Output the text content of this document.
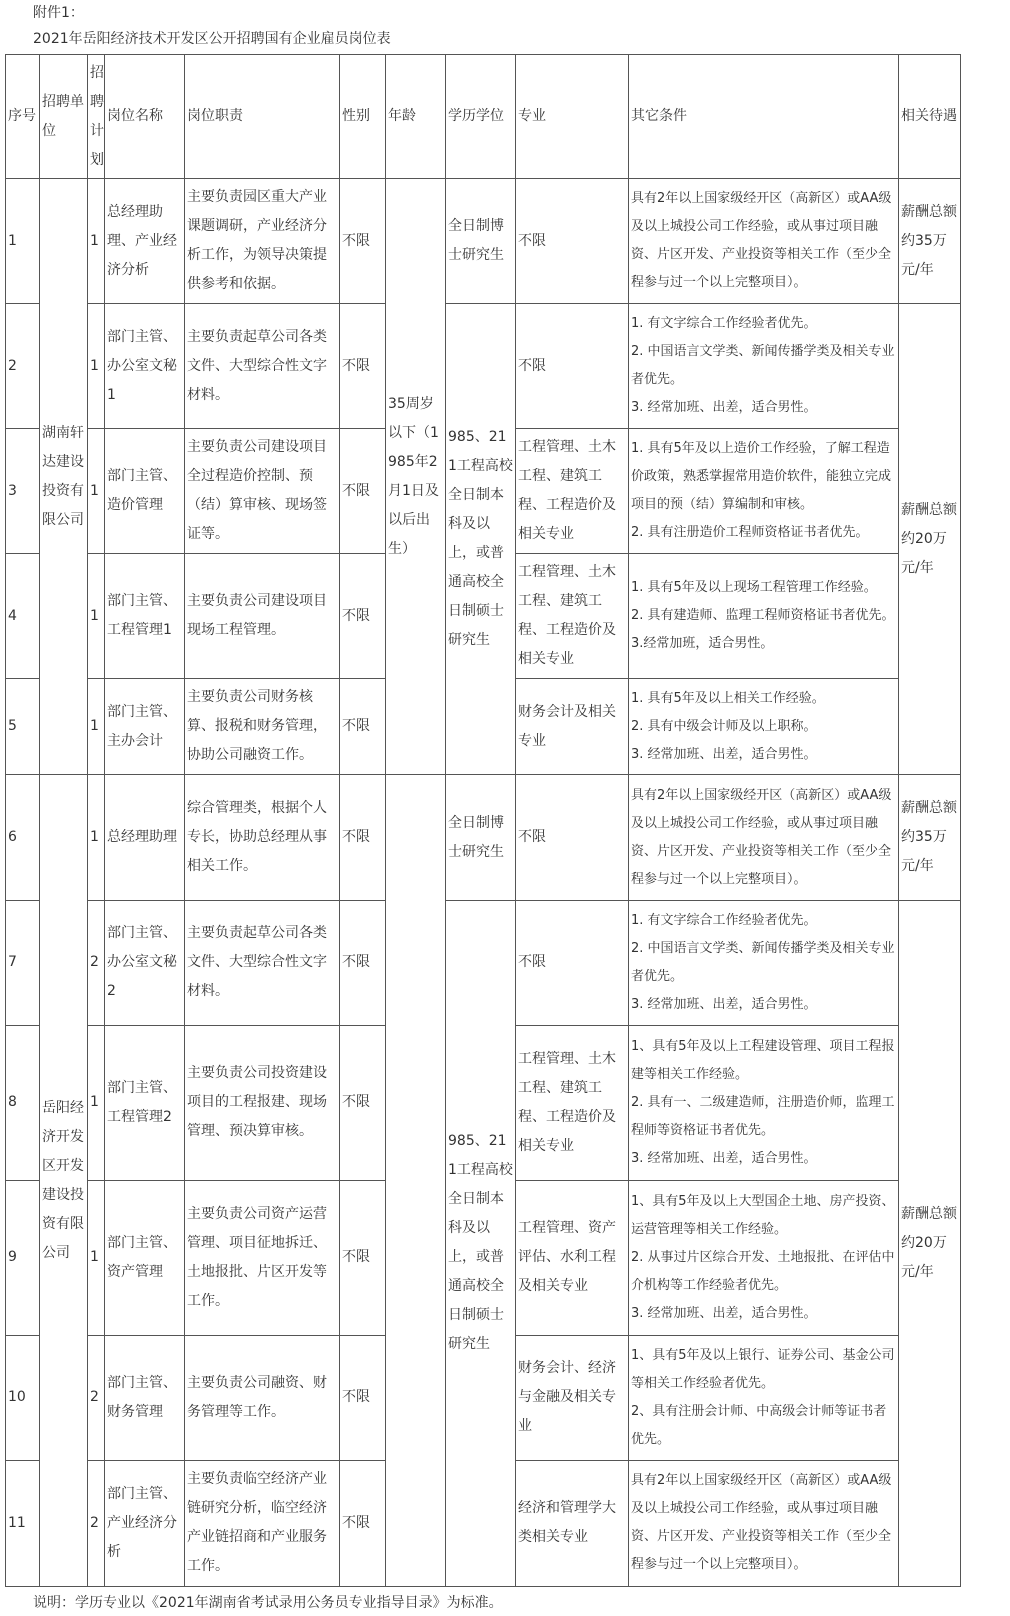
附件1：
2021年岳阳经济技术开发区公开招聘国有企业雇员岗位表
序号	招聘单位	招聘计划	岗位名称	岗位职责	性别	年龄	学历学位	专业	其它条件	相关待遇
1	湖南轩达建设投资有限公司	1	总经理助理、产业经济分析	主要负责园区重大产业课题调研，产业经济分析工作，为领导决策提供参考和依据。	不限	35周岁以下（1985年2月1日及以后出生）	全日制博士研究生	不限	具有2年以上国家级经开区（高新区）或AA级及以上城投公司工作经验，或从事过项目融资、片区开发、产业投资等相关工作（至少全程参与过一个以上完整项目）。	薪酬总额约35万元/年
2		1	部门主管、办公室文秘1	主要负责起草公司各类文件、大型综合性文字材料。	不限		985、211工程高校全日制本科及以上，或普通高校全日制硕士研究生	不限	1. 有文字综合工作经验者优先。
2. 中国语言文学类、新闻传播学类及相关专业者优先。
3. 经常加班、出差，适合男性。	薪酬总额约20万元/年
3		1	部门主管、造价管理	主要负责公司建设项目全过程造价控制、预（结）算审核、现场签证等。	不限			工程管理、土木工程、建筑工程、工程造价及相关专业	1. 具有5年及以上造价工作经验，了解工程造价政策，熟悉掌握常用造价软件，能独立完成项目的预（结）算编制和审核。
2. 具有注册造价工程师资格证书者优先。	
4		1	部门主管、工程管理1	主要负责公司建设项目现场工程管理。	不限			工程管理、土木工程、建筑工程、工程造价及相关专业	1. 具有5年及以上现场工程管理工作经验。
2. 具有建造师、监理工程师资格证书者优先。
3.经常加班，适合男性。	
5		1	部门主管、主办会计	主要负责公司财务核算、报税和财务管理，协助公司融资工作。	不限			财务会计及相关专业	1. 具有5年及以上相关工作经验。
2. 具有中级会计师及以上职称。
3. 经常加班、出差，适合男性。	
6	岳阳经济开发区开发建设投资有限公司	1	总经理助理	综合管理类，根据个人专长，协助总经理从事相关工作。	不限		全日制博士研究生	不限	具有2年以上国家级经开区（高新区）或AA级及以上城投公司工作经验，或从事过项目融资、片区开发、产业投资等相关工作（至少全程参与过一个以上完整项目）。	薪酬总额约35万元/年
7		2	部门主管、办公室文秘2	主要负责起草公司各类文件、大型综合性文字材料。	不限		985、211工程高校全日制本科及以上，或普通高校全日制硕士研究生	不限	1. 有文字综合工作经验者优先。
2. 中国语言文学类、新闻传播学类及相关专业者优先。
3. 经常加班、出差，适合男性。	薪酬总额约20万元/年
8		1	部门主管、工程管理2	主要负责公司投资建设项目的工程报建、现场管理、预决算审核。	不限			工程管理、土木工程、建筑工程、工程造价及相关专业	1、具有5年及以上工程建设管理、项目工程报建等相关工作经验。
2. 具有一、二级建造师，注册造价师，监理工程师等资格证书者优先。
3. 经常加班、出差，适合男性。	
9		1	部门主管、资产管理	主要负责公司资产运营管理、项目征地拆迁、土地报批、片区开发等工作。	不限			工程管理、资产评估、水利工程及相关专业	1、具有5年及以上大型国企土地、房产投资、运营管理等相关工作经验。
2. 从事过片区综合开发、土地报批、在评估中介机构等工作经验者优先。
3. 经常加班、出差，适合男性。	
10		2	部门主管、财务管理	主要负责公司融资、财务管理等工作。	不限			财务会计、经济与金融及相关专业	1、具有5年及以上银行、证券公司、基金公司等相关工作经验者优先。
2、具有注册会计师、中高级会计师等证书者优先。	
11		2	部门主管、产业经济分析	主要负责临空经济产业链研究分析，临空经济产业链招商和产业服务工作。	不限			经济和管理学大类相关专业	具有2年以上国家级经开区（高新区）或AA级及以上城投公司工作经验，或从事过项目融资、片区开发、产业投资等相关工作（至少全程参与过一个以上完整项目）。	
说明：学历专业以《2021年湖南省考试录用公务员专业指导目录》为标准。
